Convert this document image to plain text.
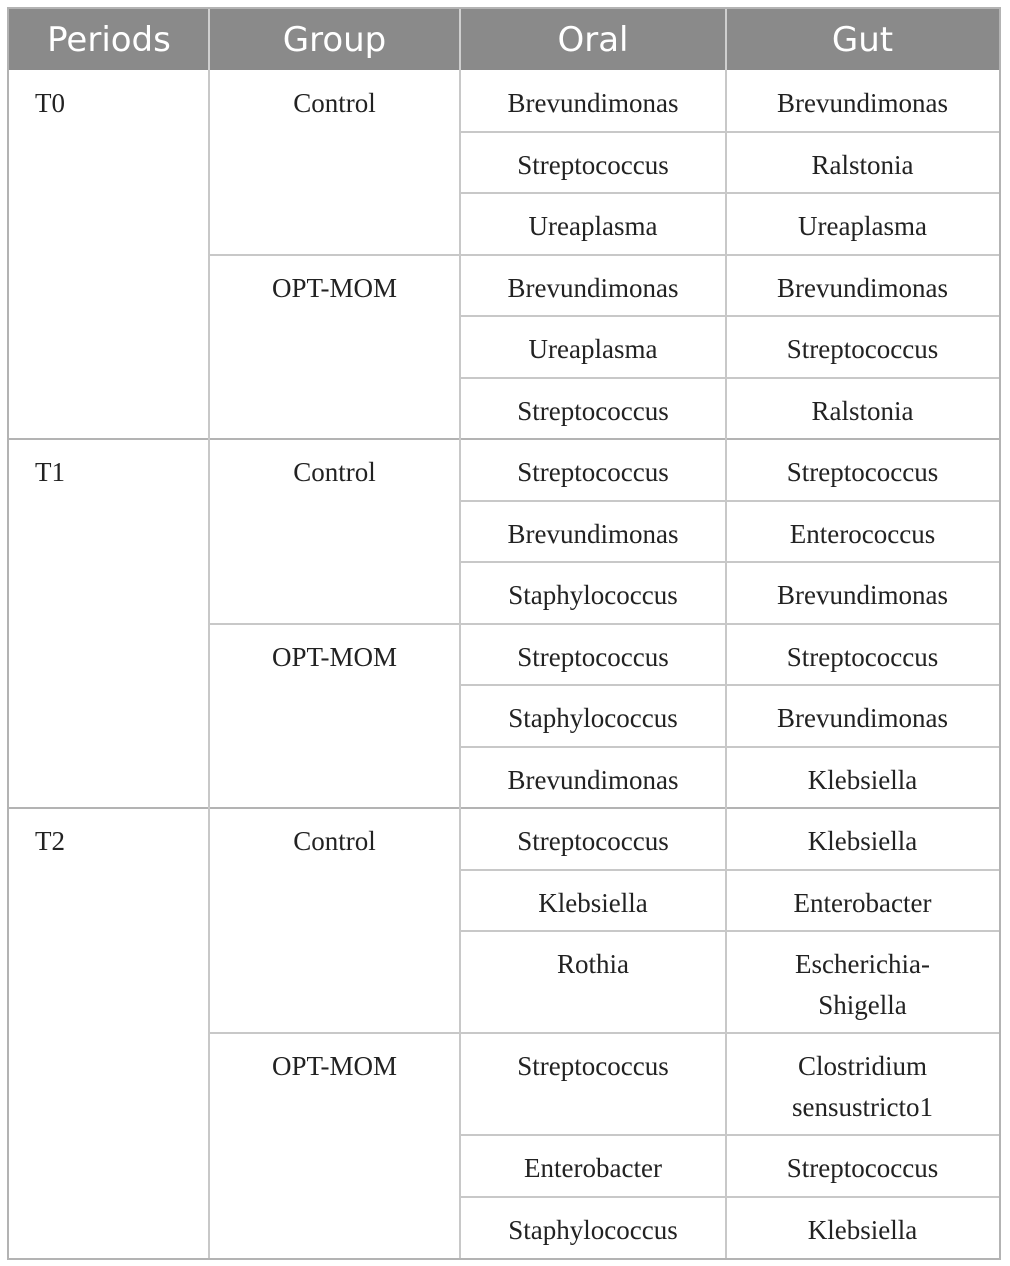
Periods	Group	Oral	Gut
T0	Control	Brevundimonas	Brevundimonas
Streptococcus	Ralstonia
Ureaplasma	Ureaplasma
OPT-MOM	Brevundimonas	Brevundimonas
Ureaplasma	Streptococcus
Streptococcus	Ralstonia
T1	Control	Streptococcus	Streptococcus
Brevundimonas	Enterococcus
Staphylococcus	Brevundimonas
OPT-MOM	Streptococcus	Streptococcus
Staphylococcus	Brevundimonas
Brevundimonas	Klebsiella
T2	Control	Streptococcus	Klebsiella
Klebsiella	Enterobacter
Rothia	Escherichia-
Shigella
OPT-MOM	Streptococcus	Clostridium
sensustricto1
Enterobacter	Streptococcus
Staphylococcus	Klebsiella
